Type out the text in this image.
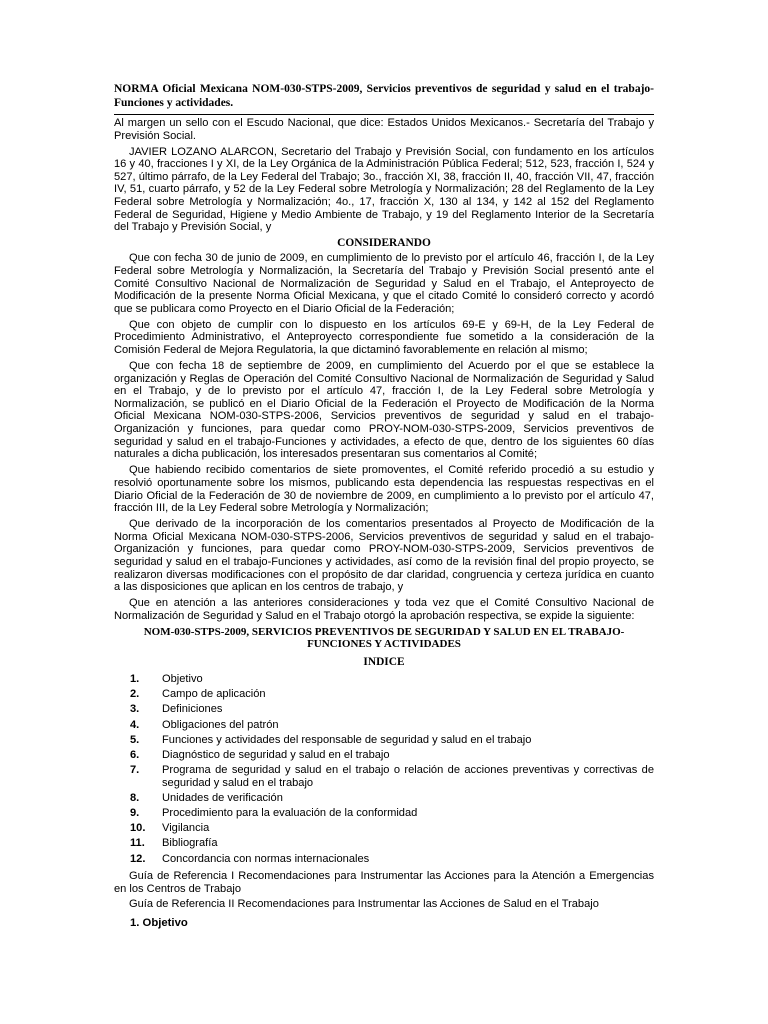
NORMA Oficial Mexicana NOM-030-STPS-2009, Servicios preventivos de seguridad y salud en el trabajo-Funciones y actividades.

Al margen un sello con el Escudo Nacional, que dice: Estados Unidos Mexicanos.- Secretaría del Trabajo y Previsión Social.

JAVIER LOZANO ALARCON, Secretario del Trabajo y Previsión Social, con fundamento en los artículos 16 y 40, fracciones I y XI, de la Ley Orgánica de la Administración Pública Federal; 512, 523, fracción I, 524 y 527, último párrafo, de la Ley Federal del Trabajo; 3o., fracción XI, 38, fracción II, 40, fracción VII, 47, fracción IV, 51, cuarto párrafo, y 52 de la Ley Federal sobre Metrología y Normalización; 28 del Reglamento de la Ley Federal sobre Metrología y Normalización; 4o., 17, fracción X, 130 al 134, y 142 al 152 del Reglamento Federal de Seguridad, Higiene y Medio Ambiente de Trabajo, y 19 del Reglamento Interior de la Secretaría del Trabajo y Previsión Social, y

CONSIDERANDO

Que con fecha 30 de junio de 2009, en cumplimiento de lo previsto por el artículo 46, fracción I, de la Ley Federal sobre Metrología y Normalización, la Secretaría del Trabajo y Previsión Social presentó ante el Comité Consultivo Nacional de Normalización de Seguridad y Salud en el Trabajo, el Anteproyecto de Modificación de la presente Norma Oficial Mexicana, y que el citado Comité lo consideró correcto y acordó que se publicara como Proyecto en el Diario Oficial de la Federación;

Que con objeto de cumplir con lo dispuesto en los artículos 69-E y 69-H, de la Ley Federal de Procedimiento Administrativo, el Anteproyecto correspondiente fue sometido a la consideración de la Comisión Federal de Mejora Regulatoria, la que dictaminó favorablemente en relación al mismo;

Que con fecha 18 de septiembre de 2009, en cumplimiento del Acuerdo por el que se establece la organización y Reglas de Operación del Comité Consultivo Nacional de Normalización de Seguridad y Salud en el Trabajo, y de lo previsto por el artículo 47, fracción I, de la Ley Federal sobre Metrología y Normalización, se publicó en el Diario Oficial de la Federación el Proyecto de Modificación de la Norma Oficial Mexicana NOM-030-STPS-2006, Servicios preventivos de seguridad y salud en el trabajo-Organización y funciones, para quedar como PROY-NOM-030-STPS-2009, Servicios preventivos de seguridad y salud en el trabajo-Funciones y actividades, a efecto de que, dentro de los siguientes 60 días naturales a dicha publicación, los interesados presentaran sus comentarios al Comité;

Que habiendo recibido comentarios de siete promoventes, el Comité referido procedió a su estudio y resolvió oportunamente sobre los mismos, publicando esta dependencia las respuestas respectivas en el Diario Oficial de la Federación de 30 de noviembre de 2009, en cumplimiento a lo previsto por el artículo 47, fracción III, de la Ley Federal sobre Metrología y Normalización;

Que derivado de la incorporación de los comentarios presentados al Proyecto de Modificación de la Norma Oficial Mexicana NOM-030-STPS-2006, Servicios preventivos de seguridad y salud en el trabajo-Organización y funciones, para quedar como PROY-NOM-030-STPS-2009, Servicios preventivos de seguridad y salud en el trabajo-Funciones y actividades, así como de la revisión final del propio proyecto, se realizaron diversas modificaciones con el propósito de dar claridad, congruencia y certeza jurídica en cuanto a las disposiciones que aplican en los centros de trabajo, y

Que en atención a las anteriores consideraciones y toda vez que el Comité Consultivo Nacional de Normalización de Seguridad y Salud en el Trabajo otorgó la aprobación respectiva, se expide la siguiente:

NOM-030-STPS-2009, SERVICIOS PREVENTIVOS DE SEGURIDAD Y SALUD EN EL TRABAJO-FUNCIONES Y ACTIVIDADES
INDICE
1.	Objetivo
2.	Campo de aplicación
3.	Definiciones
4.	Obligaciones del patrón
5.	Funciones y actividades del responsable de seguridad y salud en el trabajo
6.	Diagnóstico de seguridad y salud en el trabajo
7.	Programa de seguridad y salud en el trabajo o relación de acciones preventivas y correctivas de seguridad y salud en el trabajo
8.	Unidades de verificación
9.	Procedimiento para la evaluación de la conformidad
10.	Vigilancia
11.	Bibliografía
12.	Concordancia con normas internacionales

Guía de Referencia I Recomendaciones para Instrumentar las Acciones para la Atención a Emergencias en los Centros de Trabajo

Guía de Referencia II Recomendaciones para Instrumentar las Acciones de Salud en el Trabajo

1. Objetivo
